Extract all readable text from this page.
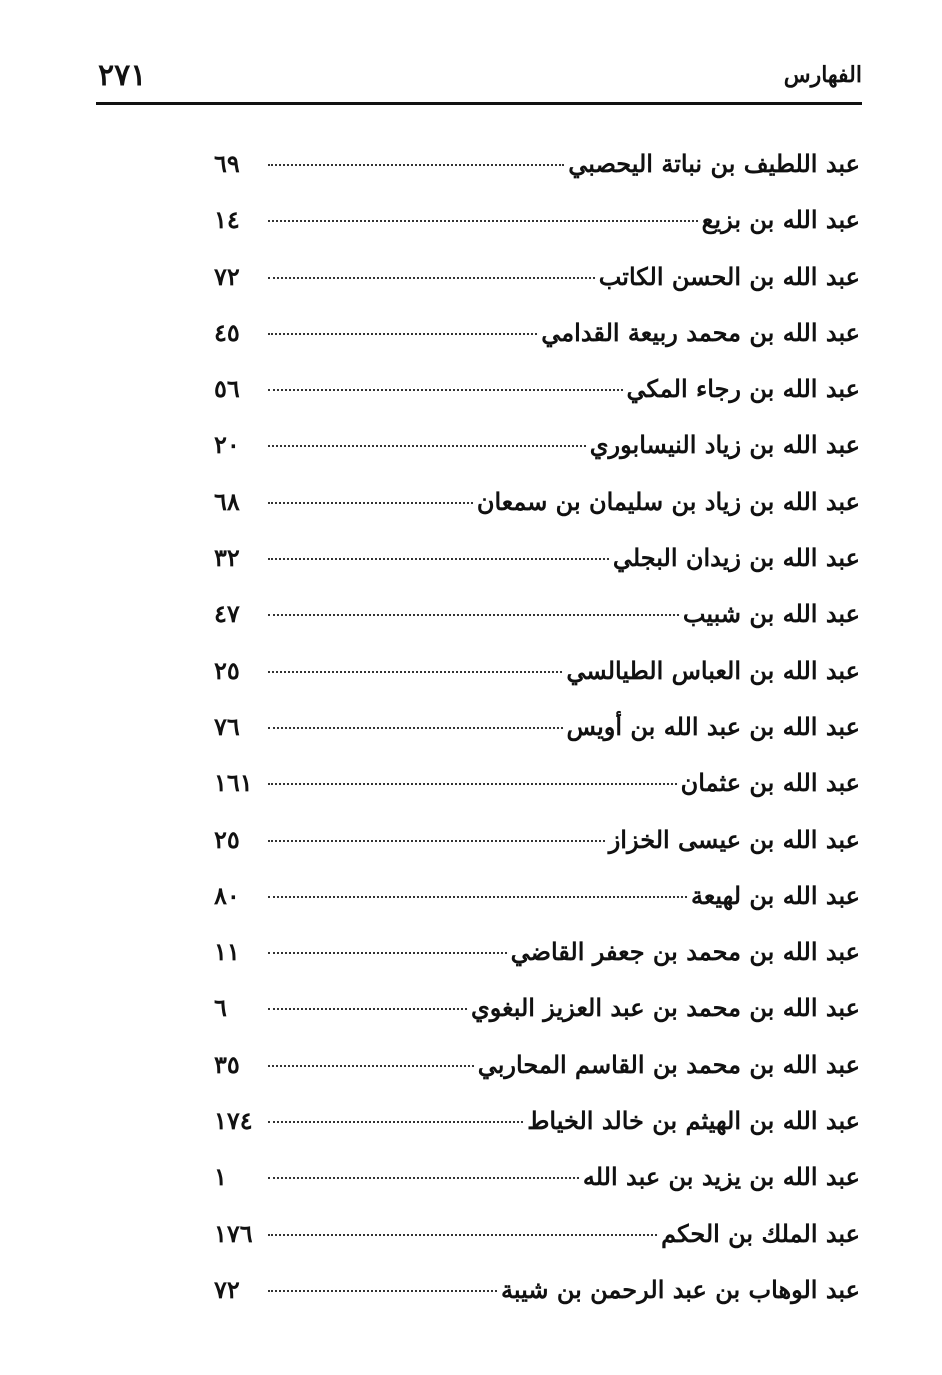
الفهارس
٢٧١
عبد اللطيف بن نباتة اليحصبي
٦٩
عبد الله بن بزيع
١٤
عبد الله بن الحسن الكاتب
٧٢
عبد الله بن محمد ربيعة القدامي
٤٥
عبد الله بن رجاء المكي
٥٦
عبد الله بن زياد النيسابوري
٢٠
عبد الله بن زياد بن سليمان بن سمعان
٦٨
عبد الله بن زيدان البجلي
٣٢
عبد الله بن شبيب
٤٧
عبد الله بن العباس الطيالسي
٢٥
عبد الله بن عبد الله بن أويس
٧٦
عبد الله بن عثمان
١٦١
عبد الله بن عيسى الخزاز
٢٥
عبد الله بن لهيعة
٨٠
عبد الله بن محمد بن جعفر القاضي
١١
عبد الله بن محمد بن عبد العزيز البغوي
٦
عبد الله بن محمد بن القاسم المحاربي
٣٥
عبد الله بن الهيثم بن خالد الخياط
١٧٤
عبد الله بن يزيد بن عبد الله
١
عبد الملك بن الحكم
١٧٦
عبد الوهاب بن عبد الرحمن بن شيبة
٧٢
